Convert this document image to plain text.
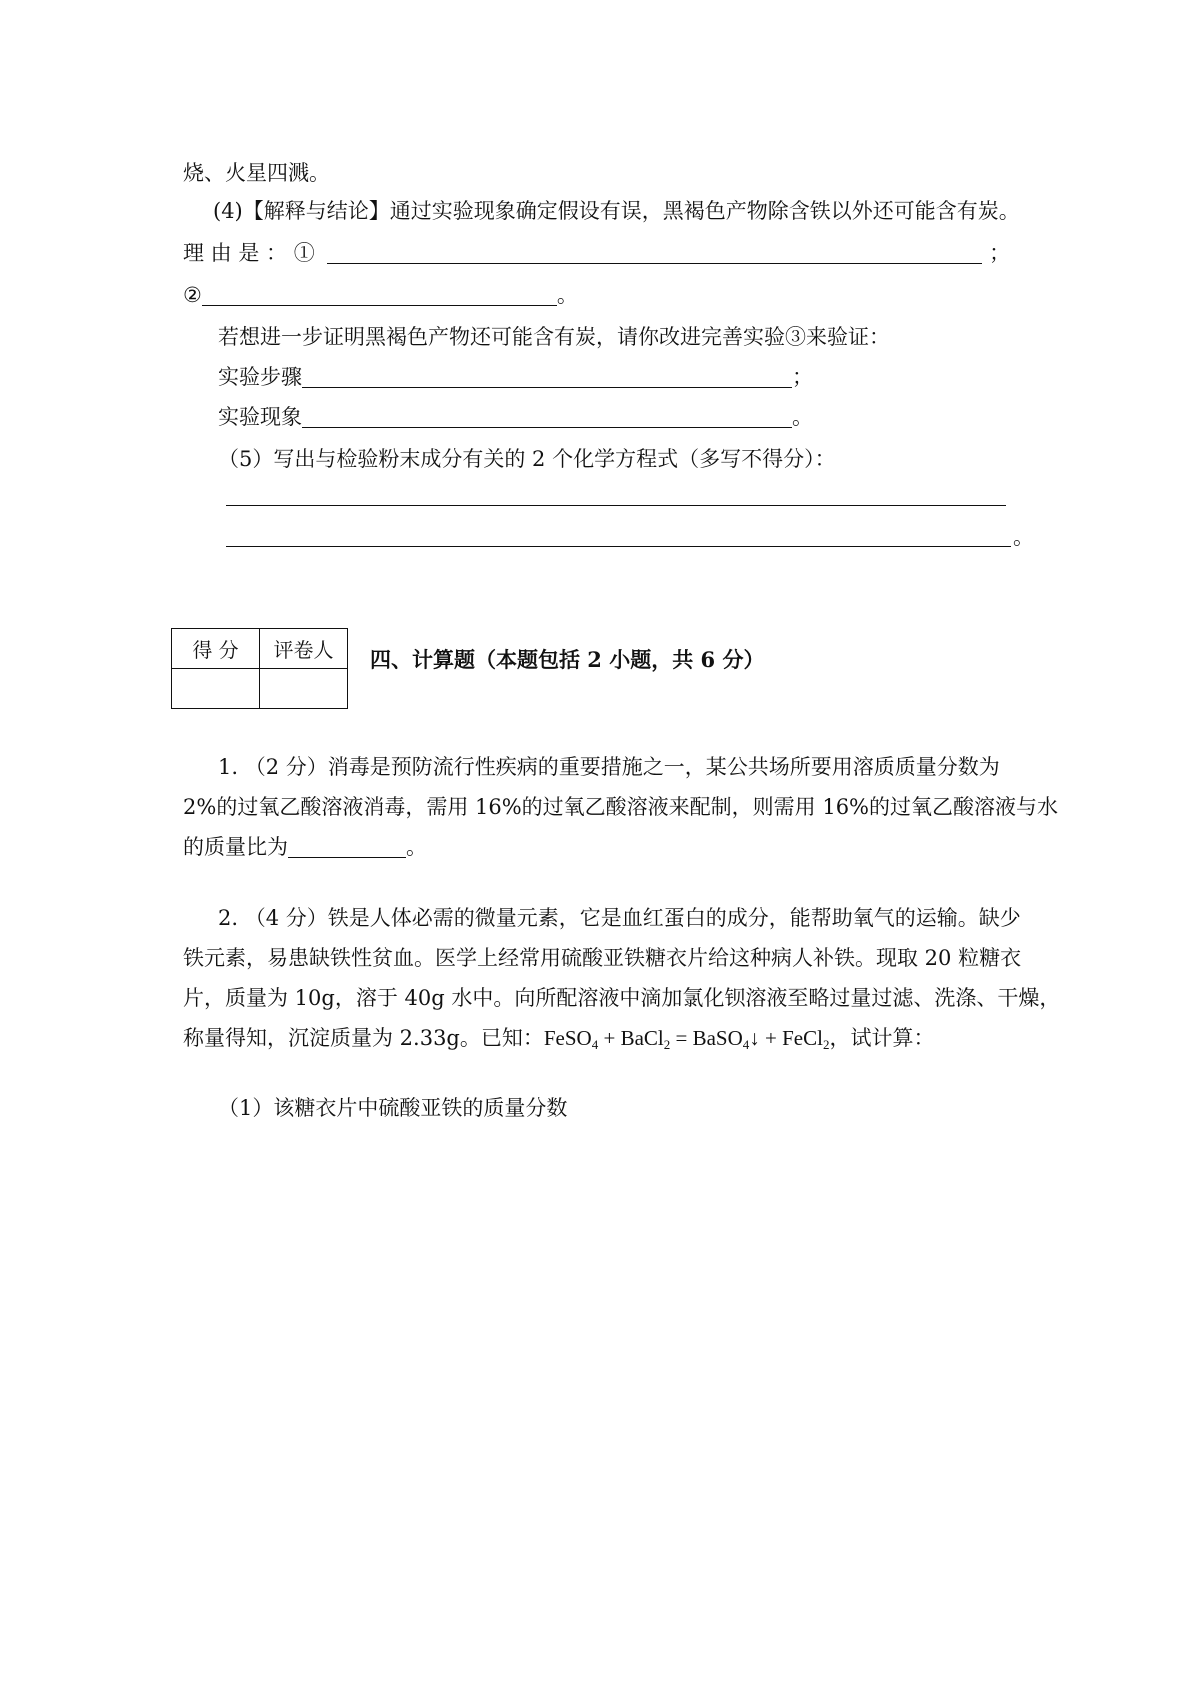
烧、火星四溅。
(4)【解释与结论】通过实验现象确定假设有误，黑褐色产物除含铁以外还可能含有炭。
理 由 是 ： ①	；
②	。
若想进一步证明黑褐色产物还可能含有炭，请你改进完善实验③来验证：
实验步骤	；
实验现象	。
（5）写出与检验粉末成分有关的 2 个化学方程式（多写不得分）：
。
得 分	评卷人
	四、计算题（本题包括 2 小题，共 6 分）
1. （2 分）消毒是预防流行性疾病的重要措施之一，某公共场所要用溶质质量分数为
2%的过氧乙酸溶液消毒，需用 16%的过氧乙酸溶液来配制，则需用 16%的过氧乙酸溶液与水
的质量比为	。
2. （4 分）铁是人体必需的微量元素，它是血红蛋白的成分，能帮助氧气的运输。缺少
铁元素，易患缺铁性贫血。医学上经常用硫酸亚铁糖衣片给这种病人补铁。现取 20 粒糖衣
片，质量为 10g，溶于 40g 水中。向所配溶液中滴加氯化钡溶液至略过量过滤、洗涤、干燥，
称量得知，沉淀质量为 2.33g。已知：FeSO$_4$ + BaCl$_2$ = BaSO$_4$↓ + FeCl$_2$，试计算：
（1）该糖衣片中硫酸亚铁的质量分数
